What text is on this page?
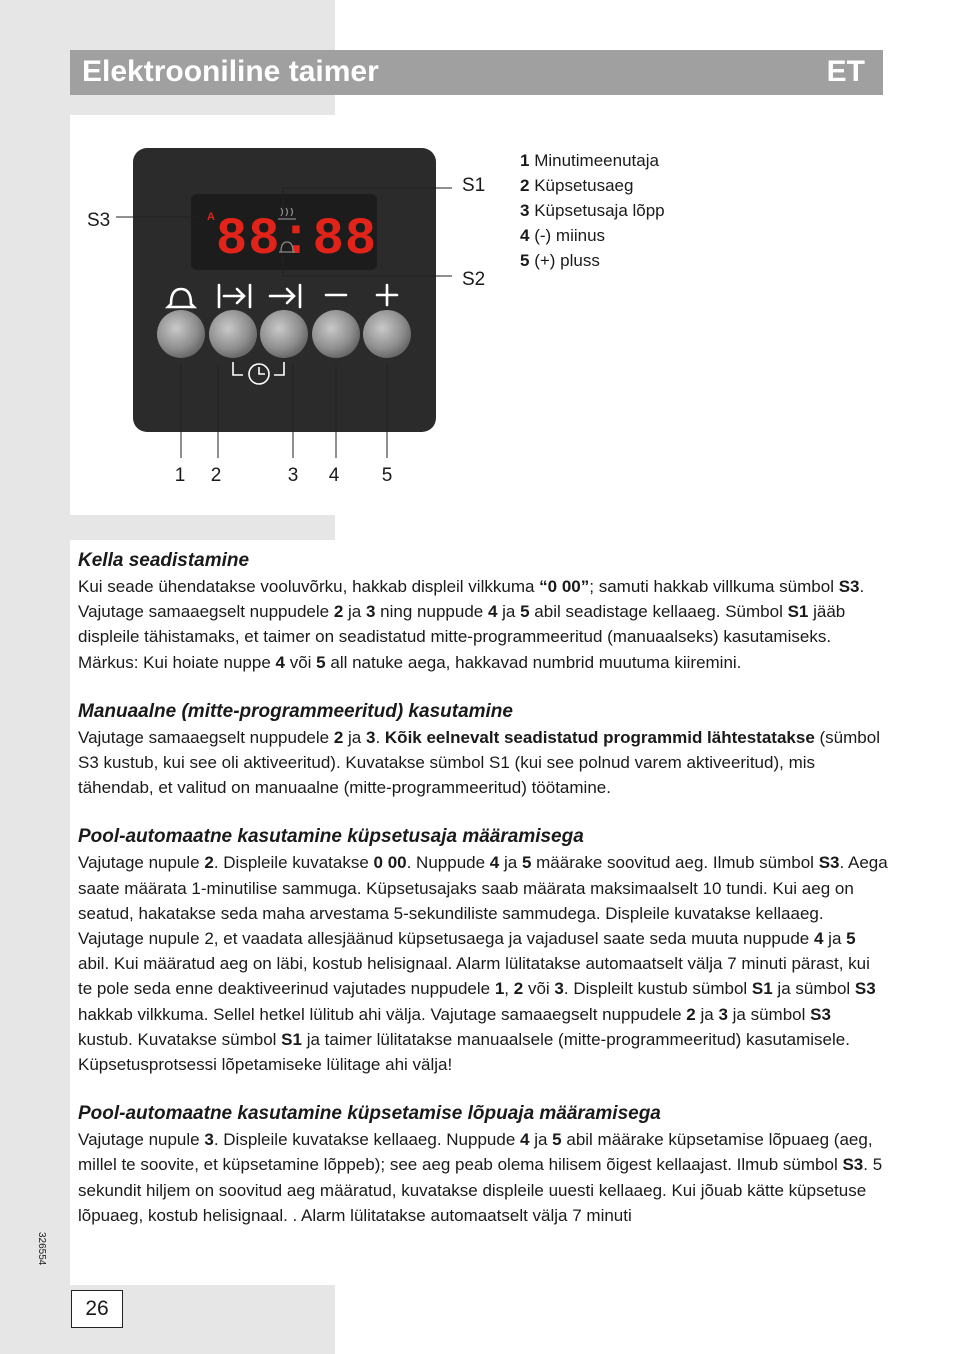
Elektrooniline taimer	ET
A 88:88
S1
S2
S3
1 2	3 4 5
1 Minutimeenutaja
2 Küpsetusaeg
3 Küpsetusaja lõpp
4 (-) miinus
5 (+) pluss
Kella seadistamine

Kui seade ühendatakse vooluvõrku, hakkab displeil vilkkuma “0 00”; samuti hakkab villkuma sümbol S3. Vajutage samaaegselt nuppudele 2 ja 3 ning nuppude 4 ja 5 abil seadistage kellaaeg. Sümbol S1 jääb displeile tähistamaks, et taimer on seadistatud mitte-programmeeritud (manuaalseks) kasutamiseks.

Märkus: Kui hoiate nuppe 4 või 5 all natuke aega, hakkavad numbrid muutuma kiiremini.

Manuaalne (mitte-programmeeritud) kasutamine

Vajutage samaaegselt nuppudele 2 ja 3. Kõik eelnevalt seadistatud programmid lähtestatakse (sümbol S3 kustub, kui see oli aktiveeritud). Kuvatakse sümbol S1 (kui see polnud varem aktiveeritud), mis tähendab, et valitud on manuaalne (mitte-programmeeritud) töötamine.

Pool-automaatne kasutamine küpsetusaja määramisega

Vajutage nupule 2. Displeile kuvatakse 0 00. Nuppude 4 ja 5 määrake soovitud aeg. Ilmub sümbol S3. Aega saate määrata 1-minutilise sammuga. Küpsetusajaks saab määrata maksimaalselt 10 tundi. Kui aeg on seatud, hakatakse seda maha arvestama 5-sekundiliste sammudega. Displeile kuvatakse kellaaeg. Vajutage nupule 2, et vaadata allesjäänud küpsetusaega ja vajadusel saate seda muuta nuppude 4 ja 5 abil. Kui määratud aeg on läbi, kostub helisignaal. Alarm lülitatakse automaatselt välja 7 minuti pärast, kui te pole seda enne deaktiveerinud vajutades nuppudele 1, 2 või 3. Displeilt kustub sümbol S1 ja sümbol S3 hakkab vilkkuma. Sellel hetkel lülitub ahi välja. Vajutage samaaegselt nuppudele 2 ja 3 ja sümbol S3 kustub. Kuvatakse sümbol S1 ja taimer lülitatakse manuaalsele (mitte-programmeeritud) kasutamisele.

Küpsetusprotsessi lõpetamiseke lülitage ahi välja!

Pool-automaatne kasutamine küpsetamise lõpuaja määramisega

Vajutage nupule 3. Displeile kuvatakse kellaaeg. Nuppude 4 ja 5 abil määrake küpsetamise lõpuaeg (aeg, millel te soovite, et küpsetamine lõppeb); see aeg peab olema hilisem õigest kellaajast. Ilmub sümbol S3. 5 sekundit hiljem on soovitud aeg määratud, kuvatakse displeile uuesti kellaaeg. Kui jõuab kätte küpsetuse lõpuaeg, kostub helisignaal. . Alarm lülitatakse automaatselt välja 7 minuti

326554
26
